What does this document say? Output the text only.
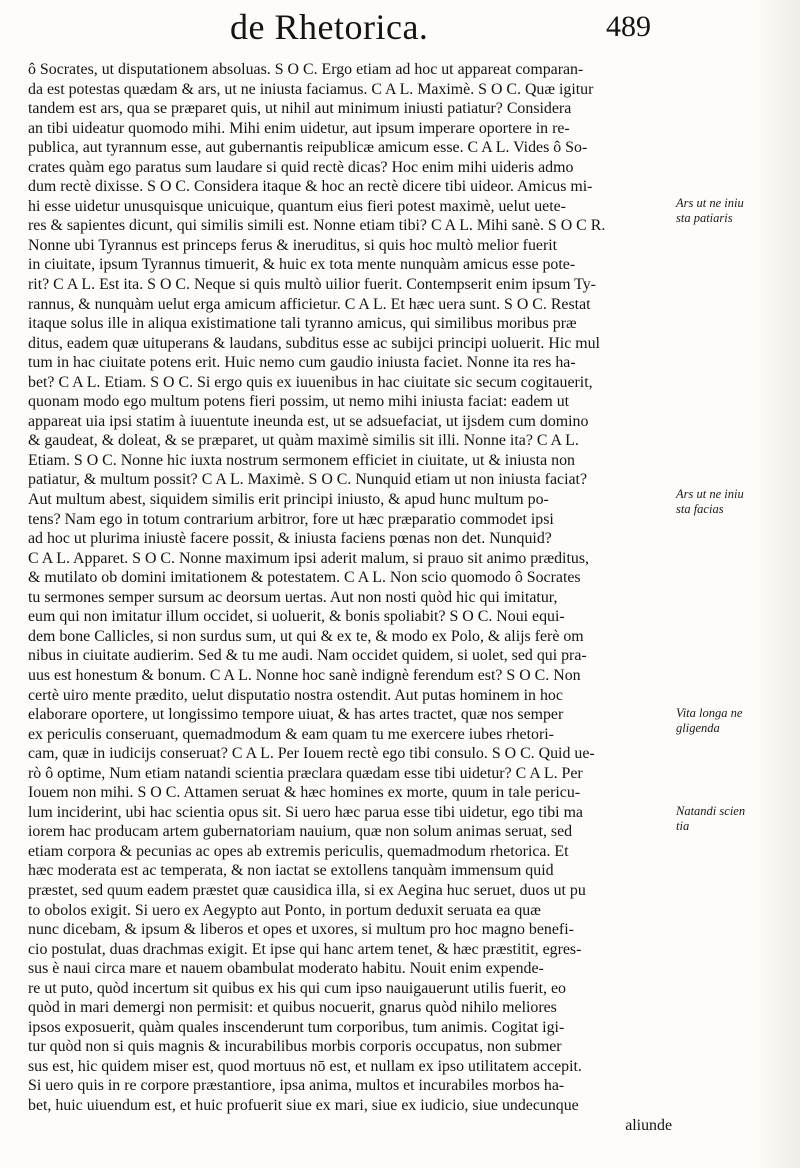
de Rhetorica.	489
ô Socrates, ut disputationem absoluas. S O C. Ergo etiam ad hoc ut appareat comparan-
da est potestas quædam & ars, ut ne iniusta faciamus. C A L. Maximè. S O C. Quæ igitur
tandem est ars, qua se præparet quis, ut nihil aut minimum iniusti patiatur? Considera
an tibi uideatur quomodo mihi. Mihi enim uidetur, aut ipsum imperare oportere in re-
publica, aut tyrannum esse, aut gubernantis reipublicæ amicum esse. C A L. Vides ô So-
crates quàm ego paratus sum laudare si quid rectè dicas? Hoc enim mihi uideris admo
dum rectè dixisse. S O C. Considera itaque & hoc an rectè dicere tibi uideor. Amicus mi-
hi esse uidetur unusquisque unicuique, quantum eius fieri potest maximè, uelut uete-
res & sapientes dicunt, qui similis simili est. Nonne etiam tibi? C A L. Mihi sanè. S O C R.
Nonne ubi Tyrannus est princeps ferus & ineruditus, si quis hoc multò melior fuerit
in ciuitate, ipsum Tyrannus timuerit, & huic ex tota mente nunquàm amicus esse pote-
rit? C A L. Est ita. S O C. Neque si quis multò uilior fuerit. Contempserit enim ipsum Ty-
rannus, & nunquàm uelut erga amicum afficietur. C A L. Et hæc uera sunt. S O C. Restat
itaque solus ille in aliqua existimatione tali tyranno amicus, qui similibus moribus præ
ditus, eadem quæ uituperans & laudans, subditus esse ac subijci principi uoluerit. Hic mul
tum in hac ciuitate potens erit. Huic nemo cum gaudio iniusta faciet. Nonne ita res ha-
bet? C A L. Etiam. S O C. Si ergo quis ex iuuenibus in hac ciuitate sic secum cogitauerit,
quonam modo ego multum potens fieri possim, ut nemo mihi iniusta faciat: eadem ut
appareat uia ipsi statim à iuuentute ineunda est, ut se adsuefaciat, ut ijsdem cum domino
& gaudeat, & doleat, & se præparet, ut quàm maximè similis sit illi. Nonne ita? C A L.
Etiam. S O C. Nonne hic iuxta nostrum sermonem efficiet in ciuitate, ut & iniusta non
patiatur, & multum possit? C A L. Maximè. S O C. Nunquid etiam ut non iniusta faciat?
Aut multum abest, siquidem similis erit principi iniusto, & apud hunc multum po-
tens? Nam ego in totum contrarium arbitror, fore ut hæc præparatio commodet ipsi
ad hoc ut plurima iniustè facere possit, & iniusta faciens pœnas non det. Nunquid?
C A L. Apparet. S O C. Nonne maximum ipsi aderit malum, si prauo sit animo præditus,
& mutilato ob domini imitationem & potestatem. C A L. Non scio quomodo ô Socrates
tu sermones semper sursum ac deorsum uertas. Aut non nosti quòd hic qui imitatur,
eum qui non imitatur illum occidet, si uoluerit, & bonis spoliabit? S O C. Noui equi-
dem bone Callicles, si non surdus sum, ut qui & ex te, & modo ex Polo, & alijs ferè om
nibus in ciuitate audierim. Sed & tu me audi. Nam occidet quidem, si uolet, sed qui pra-
uus est honestum & bonum. C A L. Nonne hoc sanè indignè ferendum est? S O C. Non
certè uiro mente prædito, uelut disputatio nostra ostendit. Aut putas hominem in hoc
elaborare oportere, ut longissimo tempore uiuat, & has artes tractet, quæ nos semper
ex periculis conseruant, quemadmodum & eam quam tu me exercere iubes rhetori-
cam, quæ in iudicijs conseruat? C A L. Per Iouem rectè ego tibi consulo. S O C. Quid ue-
rò ô optime, Num etiam natandi scientia præclara quædam esse tibi uidetur? C A L. Per
Iouem non mihi. S O C. Attamen seruat & hæc homines ex morte, quum in tale pericu-
lum inciderint, ubi hac scientia opus sit. Si uero hæc parua esse tibi uidetur, ego tibi ma
iorem hac producam artem gubernatoriam nauium, quæ non solum animas seruat, sed
etiam corpora & pecunias ac opes ab extremis periculis, quemadmodum rhetorica. Et
hæc moderata est ac temperata, & non iactat se extollens tanquàm immensum quid
præstet, sed quum eadem præstet quæ causidica illa, si ex Aegina huc seruet, duos ut pu
to obolos exigit. Si uero ex Aegypto aut Ponto, in portum deduxit seruata ea quæ
nunc dicebam, & ipsum & liberos et opes et uxores, si multum pro hoc magno benefi-
cio postulat, duas drachmas exigit. Et ipse qui hanc artem tenet, & hæc præstitit, egres-
sus è naui circa mare et nauem obambulat moderato habitu. Nouit enim expende-
re ut puto, quòd incertum sit quibus ex his qui cum ipso nauigauerunt utilis fuerit, eo
quòd in mari demergi non permisit: et quibus nocuerit, gnarus quòd nihilo meliores
ipsos exposuerit, quàm quales inscenderunt tum corporibus, tum animis. Cogitat igi-
tur quòd non si quis magnis & incurabilibus morbis corporis occupatus, non submer
sus est, hic quidem miser est, quod mortuus nō est, et nullam ex ipso utilitatem accepit.
Si uero quis in re corpore præstantiore, ipsa anima, multos et incurabiles morbos ha-
bet, huic uiuendum est, et huic profuerit siue ex mari, siue ex iudicio, siue undecunque
aliunde
Ars ut ne iniu
sta patiaris
Ars ut ne iniu
sta facias
Vita longa ne
gligenda
Natandi scien
tia
